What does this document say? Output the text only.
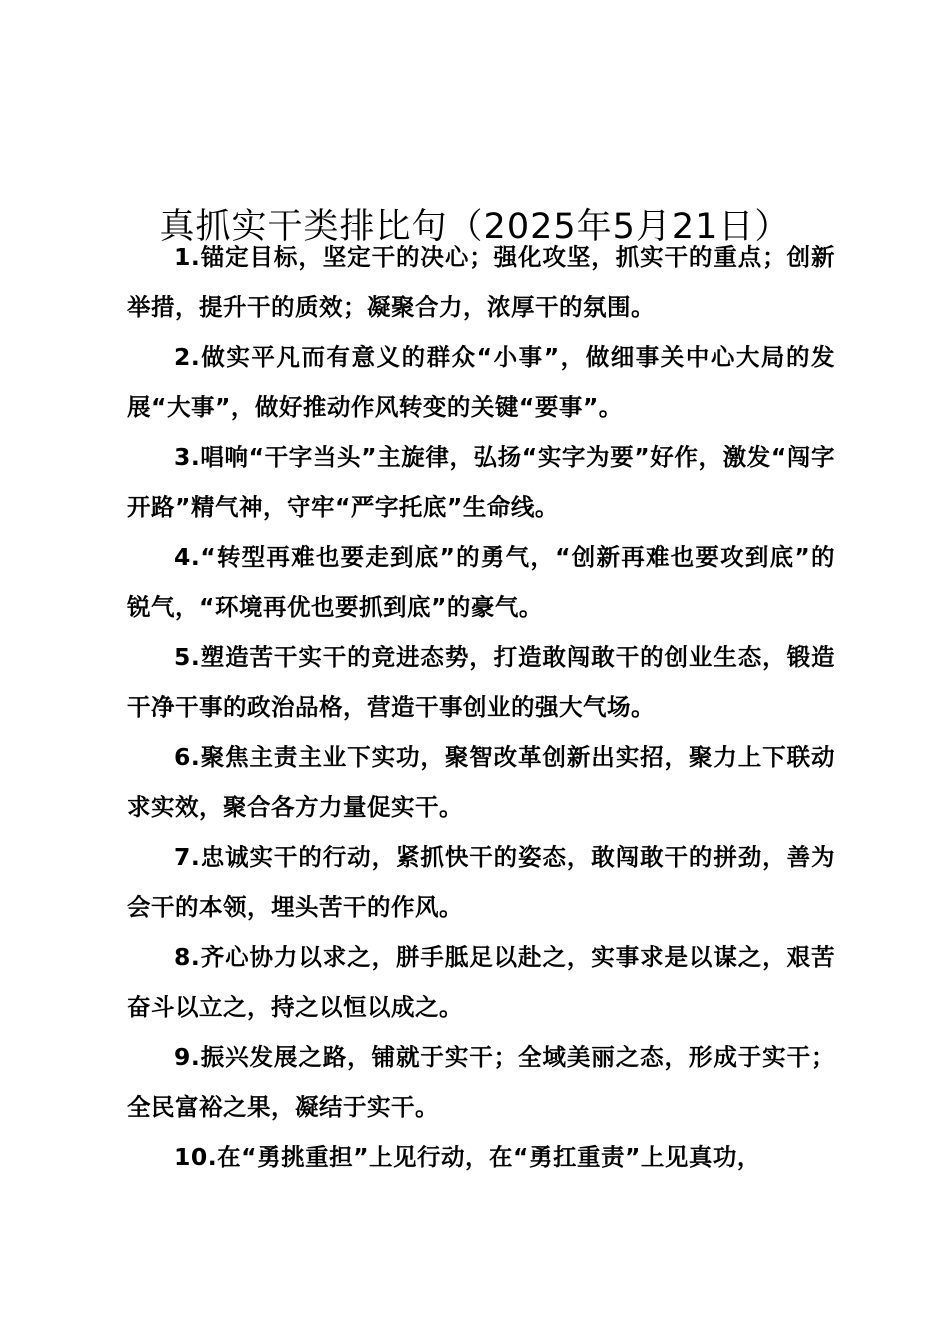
真抓实干类排比句（2025年5月21日）

1.锚定目标，坚定干的决心；强化攻坚，抓实干的重点；创新举措，提升干的质效；凝聚合力，浓厚干的氛围。

2.做实平凡而有意义的群众“小事”，做细事关中心大局的发展“大事”，做好推动作风转变的关键“要事”。

3.唱响“干字当头”主旋律，弘扬“实字为要”好作，激发“闯字开路”精气神，守牢“严字托底”生命线。

4.“转型再难也要走到底”的勇气，“创新再难也要攻到底”的锐气，“环境再优也要抓到底”的豪气。

5.塑造苦干实干的竞进态势，打造敢闯敢干的创业生态，锻造干净干事的政治品格，营造干事创业的强大气场。

6.聚焦主责主业下实功，聚智改革创新出实招，聚力上下联动求实效，聚合各方力量促实干。

7.忠诚实干的行动，紧抓快干的姿态，敢闯敢干的拼劲，善为会干的本领，埋头苦干的作风。

8.齐心协力以求之，胼手胝足以赴之，实事求是以谋之，艰苦奋斗以立之，持之以恒以成之。

9.振兴发展之路，铺就于实干；全域美丽之态，形成于实干；全民富裕之果，凝结于实干。

10.在“勇挑重担”上见行动，在“勇扛重责”上见真功，
